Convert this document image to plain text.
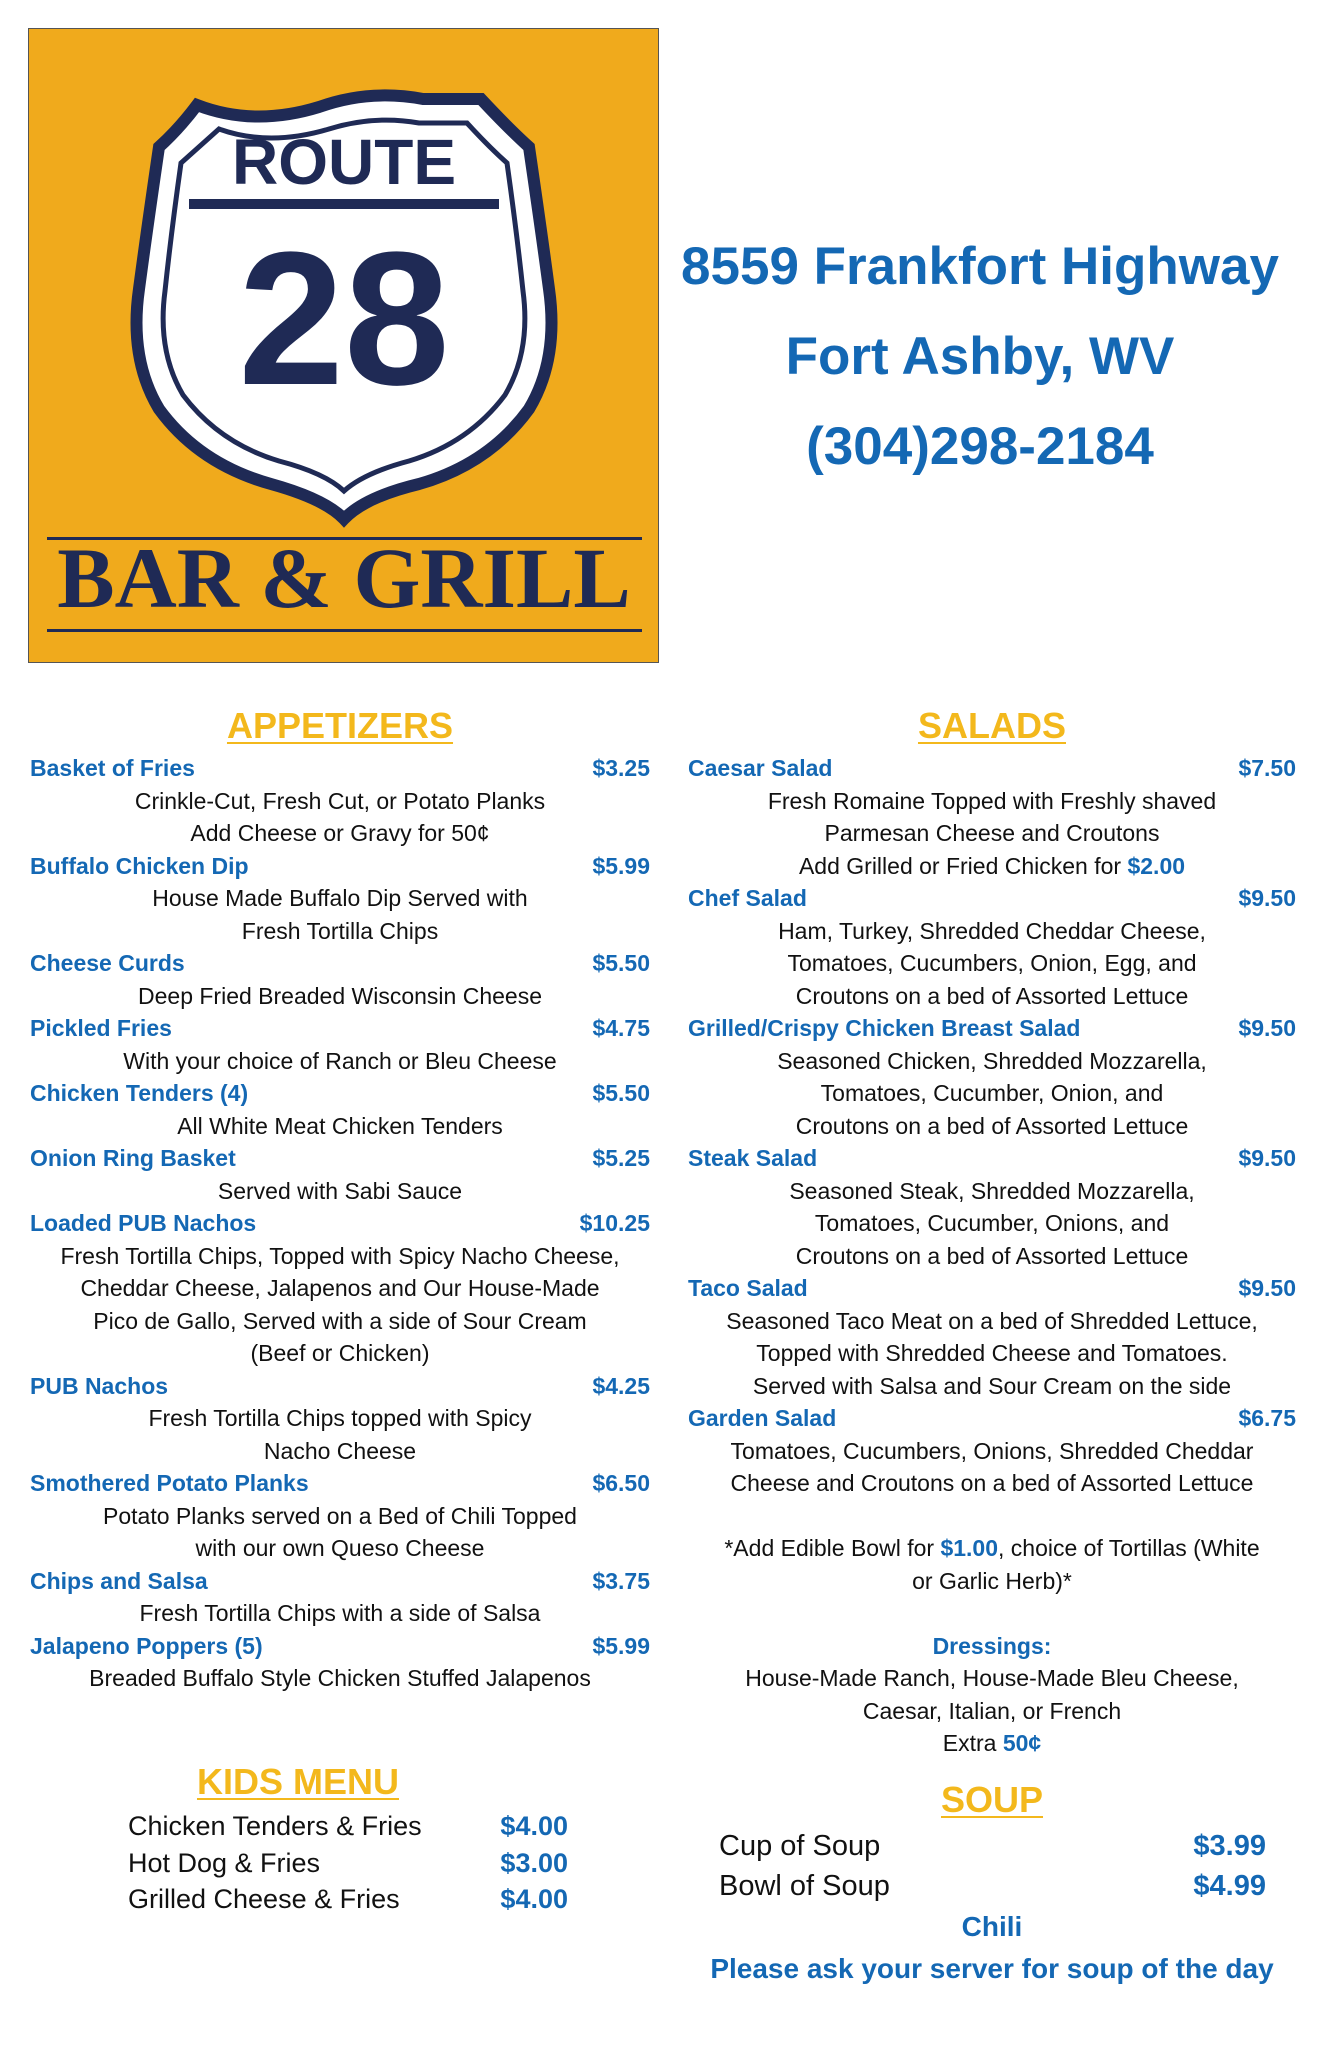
ROUTE
28
BAR & GRILL
8559 Frankfort Highway
Fort Ashby, WV
(304)298-2184
APPETIZERS
Basket of Fries	$3.25
Crinkle-Cut, Fresh Cut, or Potato Planks
Add Cheese or Gravy for 50¢
Buffalo Chicken Dip	$5.99
House Made Buffalo Dip Served with
Fresh Tortilla Chips
Cheese Curds	$5.50
Deep Fried Breaded Wisconsin Cheese
Pickled Fries	$4.75
With your choice of Ranch or Bleu Cheese
Chicken Tenders (4)	$5.50
All White Meat Chicken Tenders
Onion Ring Basket	$5.25
Served with Sabi Sauce
Loaded PUB Nachos	$10.25
Fresh Tortilla Chips, Topped with Spicy Nacho Cheese,
Cheddar Cheese, Jalapenos and Our House-Made
Pico de Gallo, Served with a side of Sour Cream
(Beef or Chicken)
PUB Nachos	$4.25
Fresh Tortilla Chips topped with Spicy
Nacho Cheese
Smothered Potato Planks	$6.50
Potato Planks served on a Bed of Chili Topped
with our own Queso Cheese
Chips and Salsa	$3.75
Fresh Tortilla Chips with a side of Salsa
Jalapeno Poppers (5)	$5.99
Breaded Buffalo Style Chicken Stuffed Jalapenos
KIDS MENU
Chicken Tenders & Fries	$4.00
Hot Dog & Fries	$3.00
Grilled Cheese & Fries	$4.00
SALADS
Caesar Salad	$7.50
Fresh Romaine Topped with Freshly shaved
Parmesan Cheese and Croutons
Add Grilled or Fried Chicken for $2.00
Chef Salad	$9.50
Ham, Turkey, Shredded Cheddar Cheese,
Tomatoes, Cucumbers, Onion, Egg, and
Croutons on a bed of Assorted Lettuce
Grilled/Crispy Chicken Breast Salad	$9.50
Seasoned Chicken, Shredded Mozzarella,
Tomatoes, Cucumber, Onion, and
Croutons on a bed of Assorted Lettuce
Steak Salad	$9.50
Seasoned Steak, Shredded Mozzarella,
Tomatoes, Cucumber, Onions, and
Croutons on a bed of Assorted Lettuce
Taco Salad	$9.50
Seasoned Taco Meat on a bed of Shredded Lettuce,
Topped with Shredded Cheese and Tomatoes.
Served with Salsa and Sour Cream on the side
Garden Salad	$6.75
Tomatoes, Cucumbers, Onions, Shredded Cheddar
Cheese and Croutons on a bed of Assorted Lettuce
*Add Edible Bowl for $1.00, choice of Tortillas (White
or Garlic Herb)*
Dressings:
House-Made Ranch, House-Made Bleu Cheese,
Caesar, Italian, or French
Extra 50¢
SOUP
Cup of Soup	$3.99
Bowl of Soup	$4.99
Chili
Please ask your server for soup of the day
